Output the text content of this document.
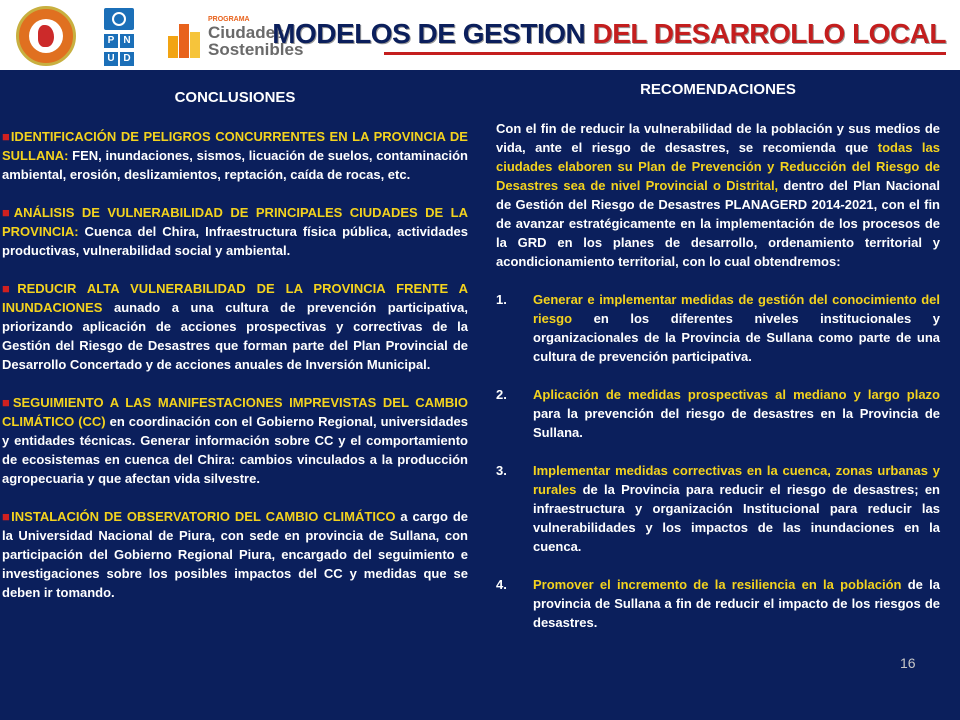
P N
U D
PROGRAMA
Ciudades
Sostenibles
MODELOS DE GESTION DEL DESARROLLO LOCAL
CONCLUSIONES

■IDENTIFICACIÓN DE PELIGROS CONCURRENTES EN LA PROVINCIA DE SULLANA: FEN, inundaciones, sismos, licuación de suelos, contaminación ambiental, erosión, deslizamientos, reptación, caída de rocas, etc.

■ANÁLISIS DE VULNERABILIDAD DE PRINCIPALES CIUDADES DE LA PROVINCIA: Cuenca del Chira, Infraestructura física pública, actividades productivas, vulnerabilidad social y ambiental.

■REDUCIR ALTA VULNERABILIDAD DE LA PROVINCIA FRENTE A INUNDACIONES aunado a una cultura de prevención participativa, priorizando aplicación de acciones prospectivas y correctivas de la Gestión del Riesgo de Desastres que forman parte del Plan Provincial de Desarrollo Concertado y de acciones anuales de Inversión Municipal.

■SEGUIMIENTO A LAS MANIFESTACIONES IMPREVISTAS DEL CAMBIO CLIMÁTICO (CC) en coordinación con el Gobierno Regional, universidades y entidades técnicas. Generar información sobre CC y el comportamiento de ecosistemas en cuenca del Chira: cambios vinculados a la producción agropecuaria y que afectan vida silvestre.

■INSTALACIÓN DE OBSERVATORIO DEL CAMBIO CLIMÁTICO a cargo de la Universidad Nacional de Piura, con sede en provincia de Sullana, con participación del Gobierno Regional Piura, encargado del seguimiento e investigaciones sobre los posibles impactos del CC y medidas que se deben ir tomando.

RECOMENDACIONES

Con el fin de reducir la vulnerabilidad de la población y sus medios de vida, ante el riesgo de desastres, se recomienda que todas las ciudades elaboren su Plan de Prevención y Reducción del Riesgo de Desastres sea de nivel Provincial o Distrital, dentro del Plan Nacional de Gestión del Riesgo de Desastres PLANAGERD 2014-2021, con el fin de avanzar estratégicamente en la implementación de los procesos de la GRD en los planes de desarrollo, ordenamiento territorial y acondicionamiento territorial, con lo cual obtendremos:

1. Generar e implementar medidas de gestión del conocimiento del riesgo en los diferentes niveles institucionales y organizacionales de la Provincia de Sullana como parte de una cultura de prevención participativa.
2. Aplicación de medidas prospectivas al mediano y largo plazo para la prevención del riesgo de desastres en la Provincia de Sullana.
3. Implementar medidas correctivas en la cuenca, zonas urbanas y rurales de la Provincia para reducir el riesgo de desastres; en infraestructura y organización Institucional para reducir las vulnerabilidades y los impactos de las inundaciones en la cuenca.
4. Promover el incremento de la resiliencia en la población de la provincia de Sullana a fin de reducir el impacto de los riesgos de desastres.
16
